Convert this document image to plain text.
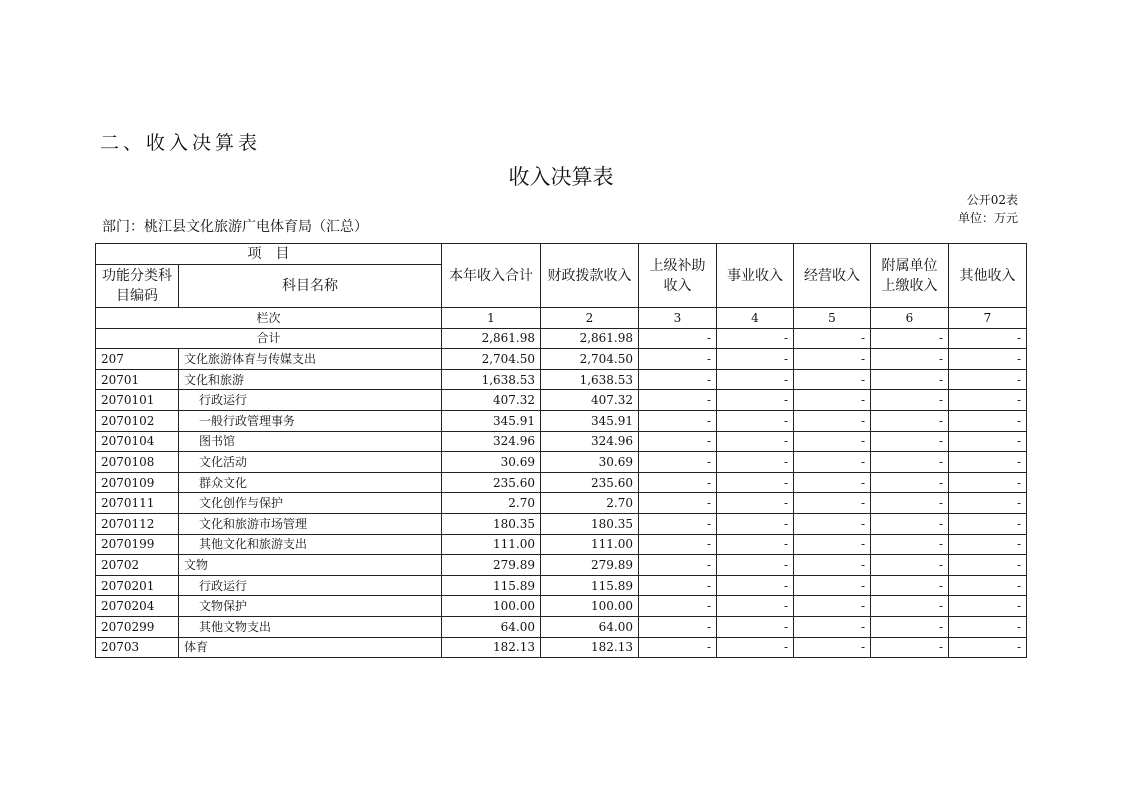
二、收入决算表
收入决算表
公开02表
单位：万元
部门：桃江县文化旅游广电体育局（汇总）
项　目		本年收入合计	财政拨款收入	上级补助收入	事业收入	经营收入	附属单位上缴收入	其他收入
功能分类科目编码	科目名称							
栏次		1	2	3	4	5	6	7
合计		2,861.98	2,861.98	-	-	-	-	-
207	文化旅游体育与传媒支出	2,704.50	2,704.50	-	-	-	-	-
20701	文化和旅游	1,638.53	1,638.53	-	-	-	-	-
2070101	行政运行	407.32	407.32	-	-	-	-	-
2070102	一般行政管理事务	345.91	345.91	-	-	-	-	-
2070104	图书馆	324.96	324.96	-	-	-	-	-
2070108	文化活动	30.69	30.69	-	-	-	-	-
2070109	群众文化	235.60	235.60	-	-	-	-	-
2070111	文化创作与保护	2.70	2.70	-	-	-	-	-
2070112	文化和旅游市场管理	180.35	180.35	-	-	-	-	-
2070199	其他文化和旅游支出	111.00	111.00	-	-	-	-	-
20702	文物	279.89	279.89	-	-	-	-	-
2070201	行政运行	115.89	115.89	-	-	-	-	-
2070204	文物保护	100.00	100.00	-	-	-	-	-
2070299	其他文物支出	64.00	64.00	-	-	-	-	-
20703	体育	182.13	182.13	-	-	-	-	-
